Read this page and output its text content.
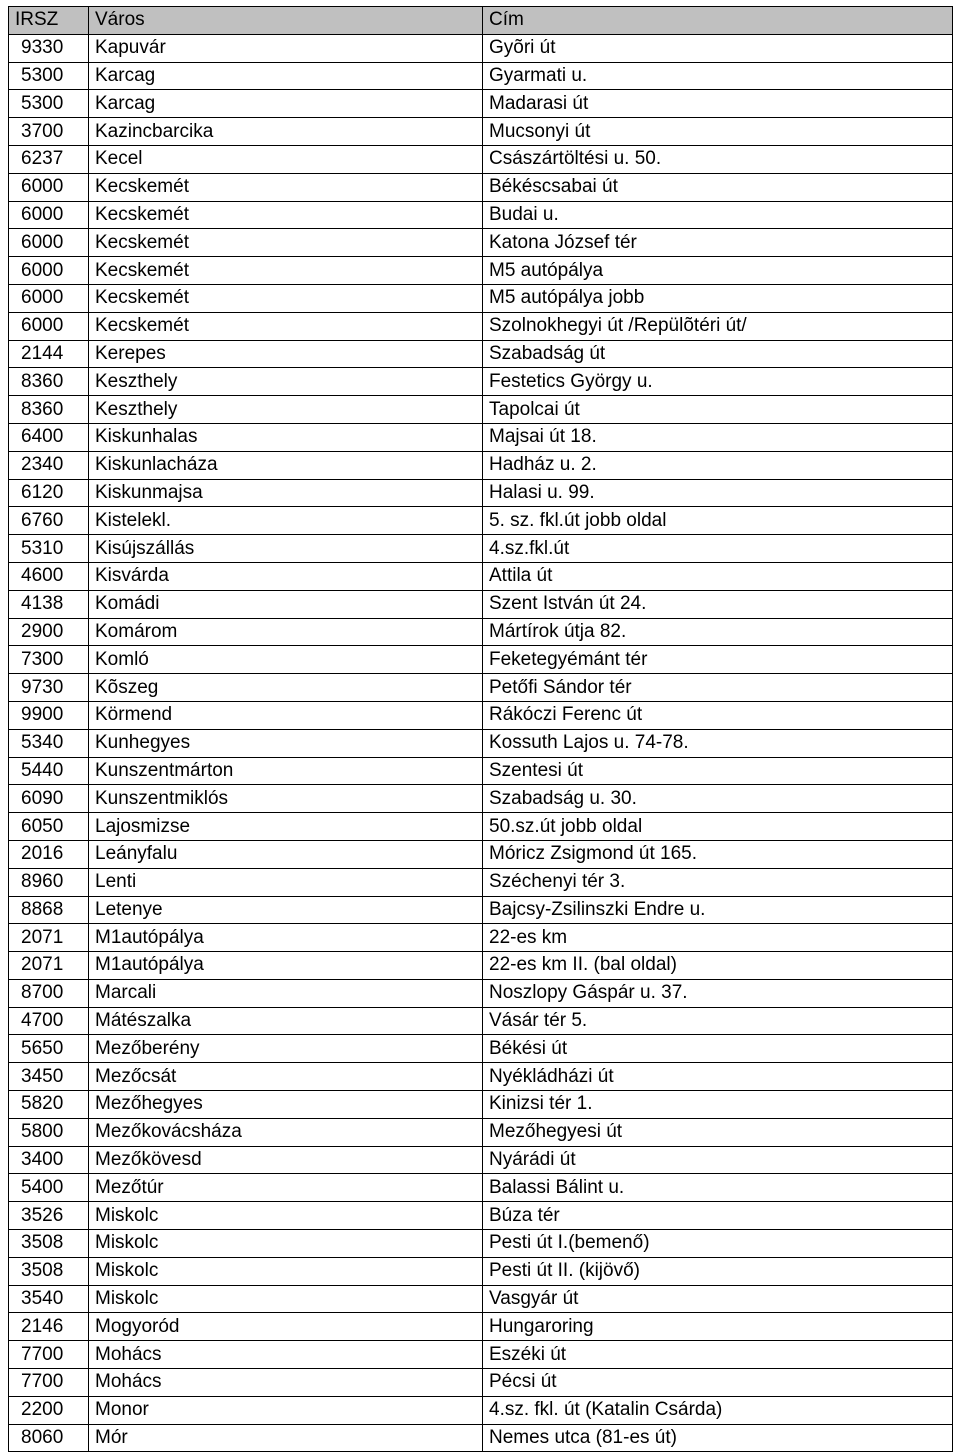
IRSZ	Város	Cím
9330	Kapuvár	Gyõri út
5300	Karcag	Gyarmati u.
5300	Karcag	Madarasi út
3700	Kazincbarcika	Mucsonyi út
6237	Kecel	Császártöltési u. 50.
6000	Kecskemét	Békéscsabai út
6000	Kecskemét	Budai u.
6000	Kecskemét	Katona József tér
6000	Kecskemét	M5 autópálya
6000	Kecskemét	M5 autópálya jobb
6000	Kecskemét	Szolnokhegyi út /Repülõtéri út/
2144	Kerepes	Szabadság út
8360	Keszthely	Festetics György u.
8360	Keszthely	Tapolcai út
6400	Kiskunhalas	Majsai út 18.
2340	Kiskunlacháza	Hadház u. 2.
6120	Kiskunmajsa	Halasi u. 99.
6760	Kistelekl.	5. sz. fkl.út jobb oldal
5310	Kisújszállás	4.sz.fkl.út
4600	Kisvárda	Attila út
4138	Komádi	Szent István út 24.
2900	Komárom	Mártírok útja 82.
7300	Komló	Feketegyémánt tér
9730	Kõszeg	Petőfi Sándor tér
9900	Körmend	Rákóczi Ferenc út
5340	Kunhegyes	Kossuth Lajos u. 74-78.
5440	Kunszentmárton	Szentesi út
6090	Kunszentmiklós	Szabadság u. 30.
6050	Lajosmizse	50.sz.út jobb oldal
2016	Leányfalu	Móricz Zsigmond út 165.
8960	Lenti	Széchenyi tér 3.
8868	Letenye	Bajcsy-Zsilinszki Endre u.
2071	M1autópálya	22-es km
2071	M1autópálya	22-es km II. (bal oldal)
8700	Marcali	Noszlopy Gáspár u. 37.
4700	Mátészalka	Vásár tér 5.
5650	Mezőberény	Békési út
3450	Mezőcsát	Nyékládházi út
5820	Mezőhegyes	Kinizsi tér 1.
5800	Mezőkovácsháza	Mezőhegyesi út
3400	Mezőkövesd	Nyárádi út
5400	Mezőtúr	Balassi Bálint u.
3526	Miskolc	Búza tér
3508	Miskolc	Pesti út I.(bemenő)
3508	Miskolc	Pesti út II. (kijövő)
3540	Miskolc	Vasgyár út
2146	Mogyoród	Hungaroring
7700	Mohács	Eszéki út
7700	Mohács	Pécsi út
2200	Monor	4.sz. fkl. út (Katalin Csárda)
8060	Mór	Nemes utca (81-es út)
